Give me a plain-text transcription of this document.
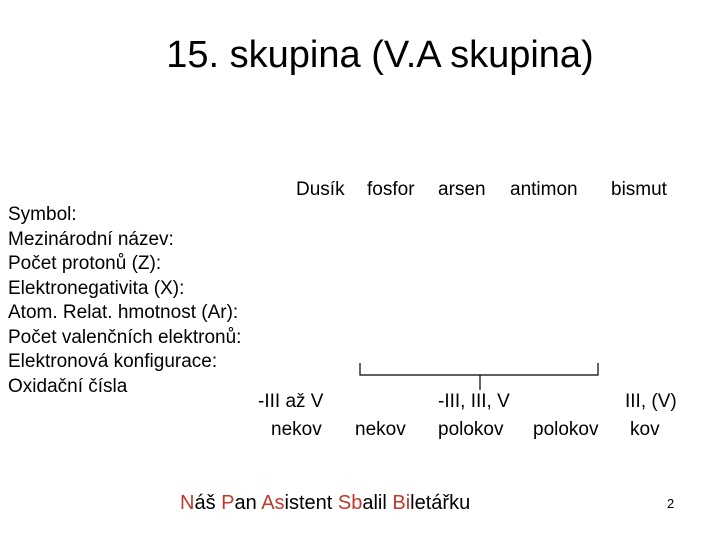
15. skupina (V.A skupina)
Dusík fosfor arsen antimon bismut
Symbol:
Mezinárodní název:
Počet protonů (Z):
Elektronegativita (X):
Atom. Relat. hmotnost (Ar):
Počet valenčních elektronů:
Elektronová konfigurace:
Oxidační čísla
-III až V	-III, III, V	III, (V)
nekov nekov polokov polokov kov
Náš Pan Asistent Sbalil Biletářku	2
